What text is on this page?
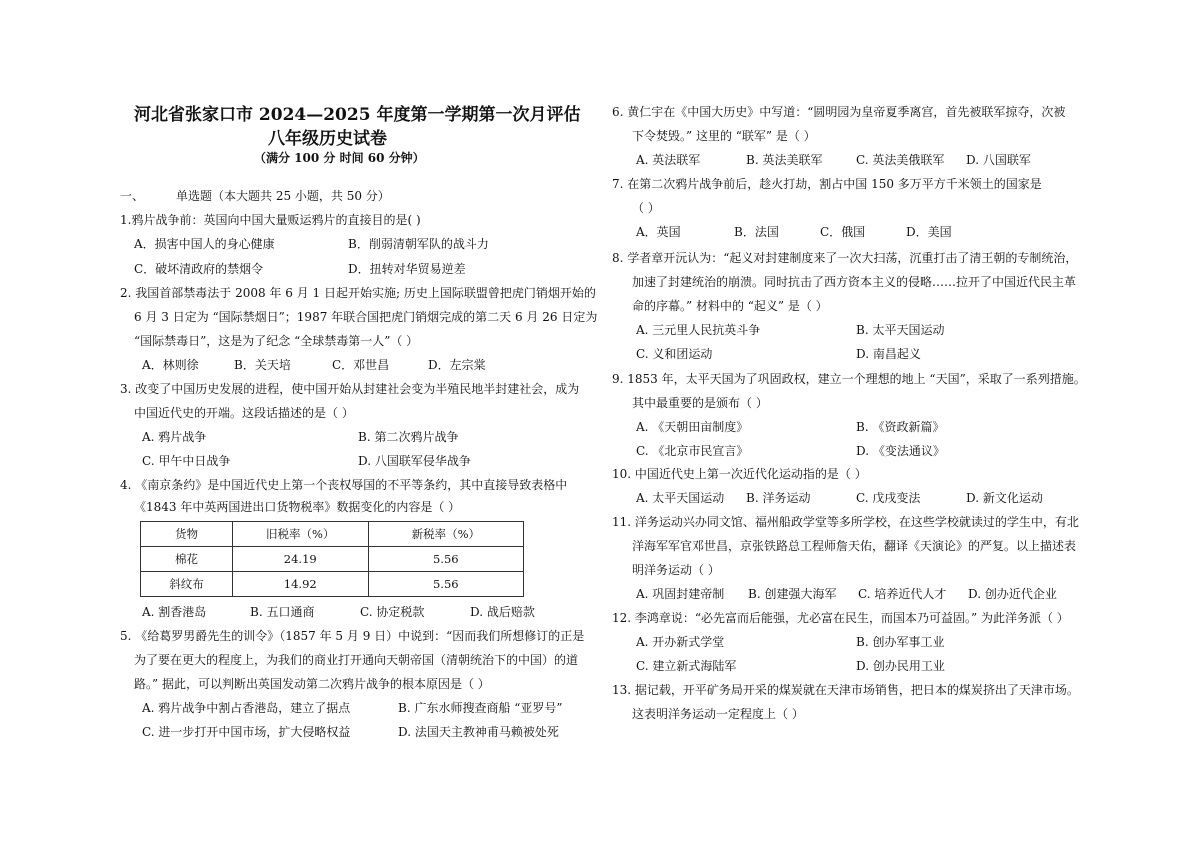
河北省张家口市 2024—2025 年度第一学期第一次月评估
八年级历史试卷
（满分 100 分 时间 60 分钟）
一、	单选题（本大题共 25 小题，共 50 分）
1.鸦片战争前：英国向中国大量贩运鸦片的直接目的是( )
A．损害中国人的身心健康	B．削弱清朝军队的战斗力
C．破坏清政府的禁烟令	D．扭转对华贸易逆差
2. 我国首部禁毒法于 2008 年 6 月 1 日起开始实施; 历史上国际联盟曾把虎门销烟开始的
6 月 3 日定为 “国际禁烟日”；1987 年联合国把虎门销烟完成的第二天 6 月 26 日定为
“国际禁毒日”，这是为了纪念 “全球禁毒第一人”（ ）
A．林则徐	B．关天培	C．邓世昌	D．左宗棠
3. 改变了中国历史发展的进程，使中国开始从封建社会变为半殖民地半封建社会，成为
中国近代史的开端。这段话描述的是（ ）
A. 鸦片战争	B. 第二次鸦片战争
C. 甲午中日战争	D. 八国联军侵华战争
4. 《南京条约》是中国近代史上第一个丧权辱国的不平等条约，其中直接导致表格中
《1843 年中英两国进出口货物税率》数据变化的内容是（ ）
货物	旧税率（%）	新税率（%）
棉花	24.19	5.56
斜纹布	14.92	5.56
A. 割香港岛	B. 五口通商	C. 协定税款	D. 战后赔款
5. 《给葛罗男爵先生的训令》（1857 年 5 月 9 日）中说到：“因而我们所想修订的正是
为了要在更大的程度上，为我们的商业打开通向天朝帝国（清朝统治下的中国）的道
路。” 据此，可以判断出英国发动第二次鸦片战争的根本原因是（ ）
A. 鸦片战争中割占香港岛，建立了据点	B. 广东水师搜查商船 “亚罗号”
C. 进一步打开中国市场，扩大侵略权益	D. 法国天主教神甫马赖被处死
6. 黄仁宇在《中国大历史》中写道：“圆明园为皇帝夏季离宫，首先被联军掠夺，次被
下令焚毁。” 这里的 “联军” 是（ ）
A. 英法联军	B. 英法美联军	C. 英法美俄联军 D. 八国联军
7. 在第二次鸦片战争前后，趁火打劫，割占中国 150 多万平方千米领土的国家是
（ ）
A．英国	B．法国	C．俄国	D．美国
8. 学者章开沅认为：“起义对封建制度来了一次大扫荡，沉重打击了清王朝的专制统治，
加速了封建统治的崩溃。同时抗击了西方资本主义的侵略……拉开了中国近代民主革
命的序幕。” 材料中的 “起义” 是（ ）
A. 三元里人民抗英斗争	B. 太平天国运动
C. 义和团运动	D. 南昌起义
9. 1853 年，太平天国为了巩固政权，建立一个理想的地上 “天国”，采取了一系列措施。
其中最重要的是颁布（ ）
A. 《天朝田亩制度》	B. 《资政新篇》
C. 《北京市民宣言》	D. 《变法通议》
10. 中国近代史上第一次近代化运动指的是（ ）
A. 太平天国运动 B. 洋务运动	C. 戊戌变法	D. 新文化运动
11. 洋务运动兴办同文馆、福州船政学堂等多所学校，在这些学校就读过的学生中，有北
洋海军军官邓世昌，京张铁路总工程师詹天佑，翻译《天演论》的严复。以上描述表
明洋务运动（ ）
A. 巩固封建帝制 B. 创建强大海军 C. 培养近代人才 D. 创办近代企业
12. 李鸿章说：“必先富而后能强，尤必富在民生，而国本乃可益固。” 为此洋务派（ ）
A. 开办新式学堂	B. 创办军事工业
C. 建立新式海陆军	D. 创办民用工业
13. 据记载，开平矿务局开采的煤炭就在天津市场销售，把日本的煤炭挤出了天津市场。
这表明洋务运动一定程度上（ ）
